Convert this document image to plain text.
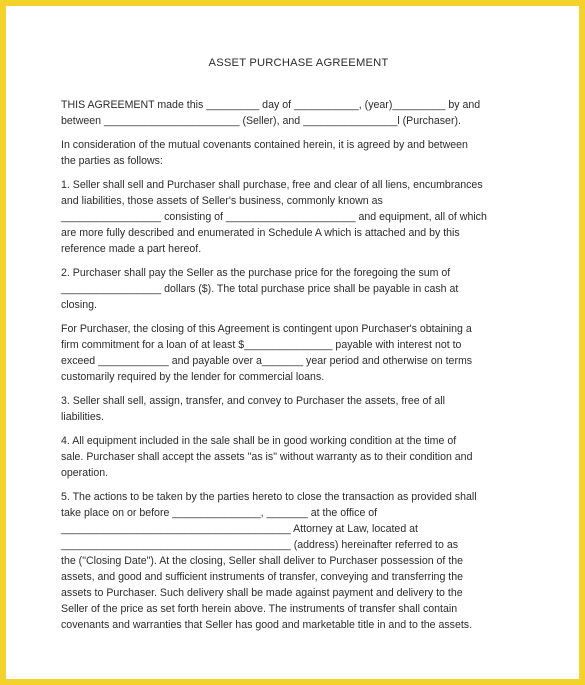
ASSET PURCHASE AGREEMENT
THIS AGREEMENT made this _________ day of ___________, (year)_________ by and
between _______________________ (Seller), and ________________l (Purchaser).
In consideration of the mutual covenants contained herein, it is agreed by and between
the parties as follows:
1. Seller shall sell and Purchaser shall purchase, free and clear of all liens, encumbrances
and liabilities, those assets of Seller's business, commonly known as
_________________ consisting of ______________________ and equipment, all of which
are more fully described and enumerated in Schedule A which is attached and by this
reference made a part hereof.
2. Purchaser shall pay the Seller as the purchase price for the foregoing the sum of
_________________ dollars ($). The total purchase price shall be payable in cash at
closing.
For Purchaser, the closing of this Agreement is contingent upon Purchaser's obtaining a
firm commitment for a loan of at least $_______________ payable with interest not to
exceed ____________ and payable over a_______ year period and otherwise on terms
customarily required by the lender for commercial loans.
3. Seller shall sell, assign, transfer, and convey to Purchaser the assets, free of all
liabilities.
4. All equipment included in the sale shall be in good working condition at the time of
sale. Purchaser shall accept the assets "as is" without warranty as to their condition and
operation.
5. The actions to be taken by the parties hereto to close the transaction as provided shall
take place on or before _______________, _______ at the office of
_______________________________________ Attorney at Law, located at
_______________________________________ (address) hereinafter referred to as
the ("Closing Date"). At the closing, Seller shall deliver to Purchaser possession of the
assets, and good and sufficient instruments of transfer, conveying and transferring the
assets to Purchaser. Such delivery shall be made against payment and delivery to the
Seller of the price as set forth herein above. The instruments of transfer shall contain
covenants and warranties that Seller has good and marketable title in and to the assets.
